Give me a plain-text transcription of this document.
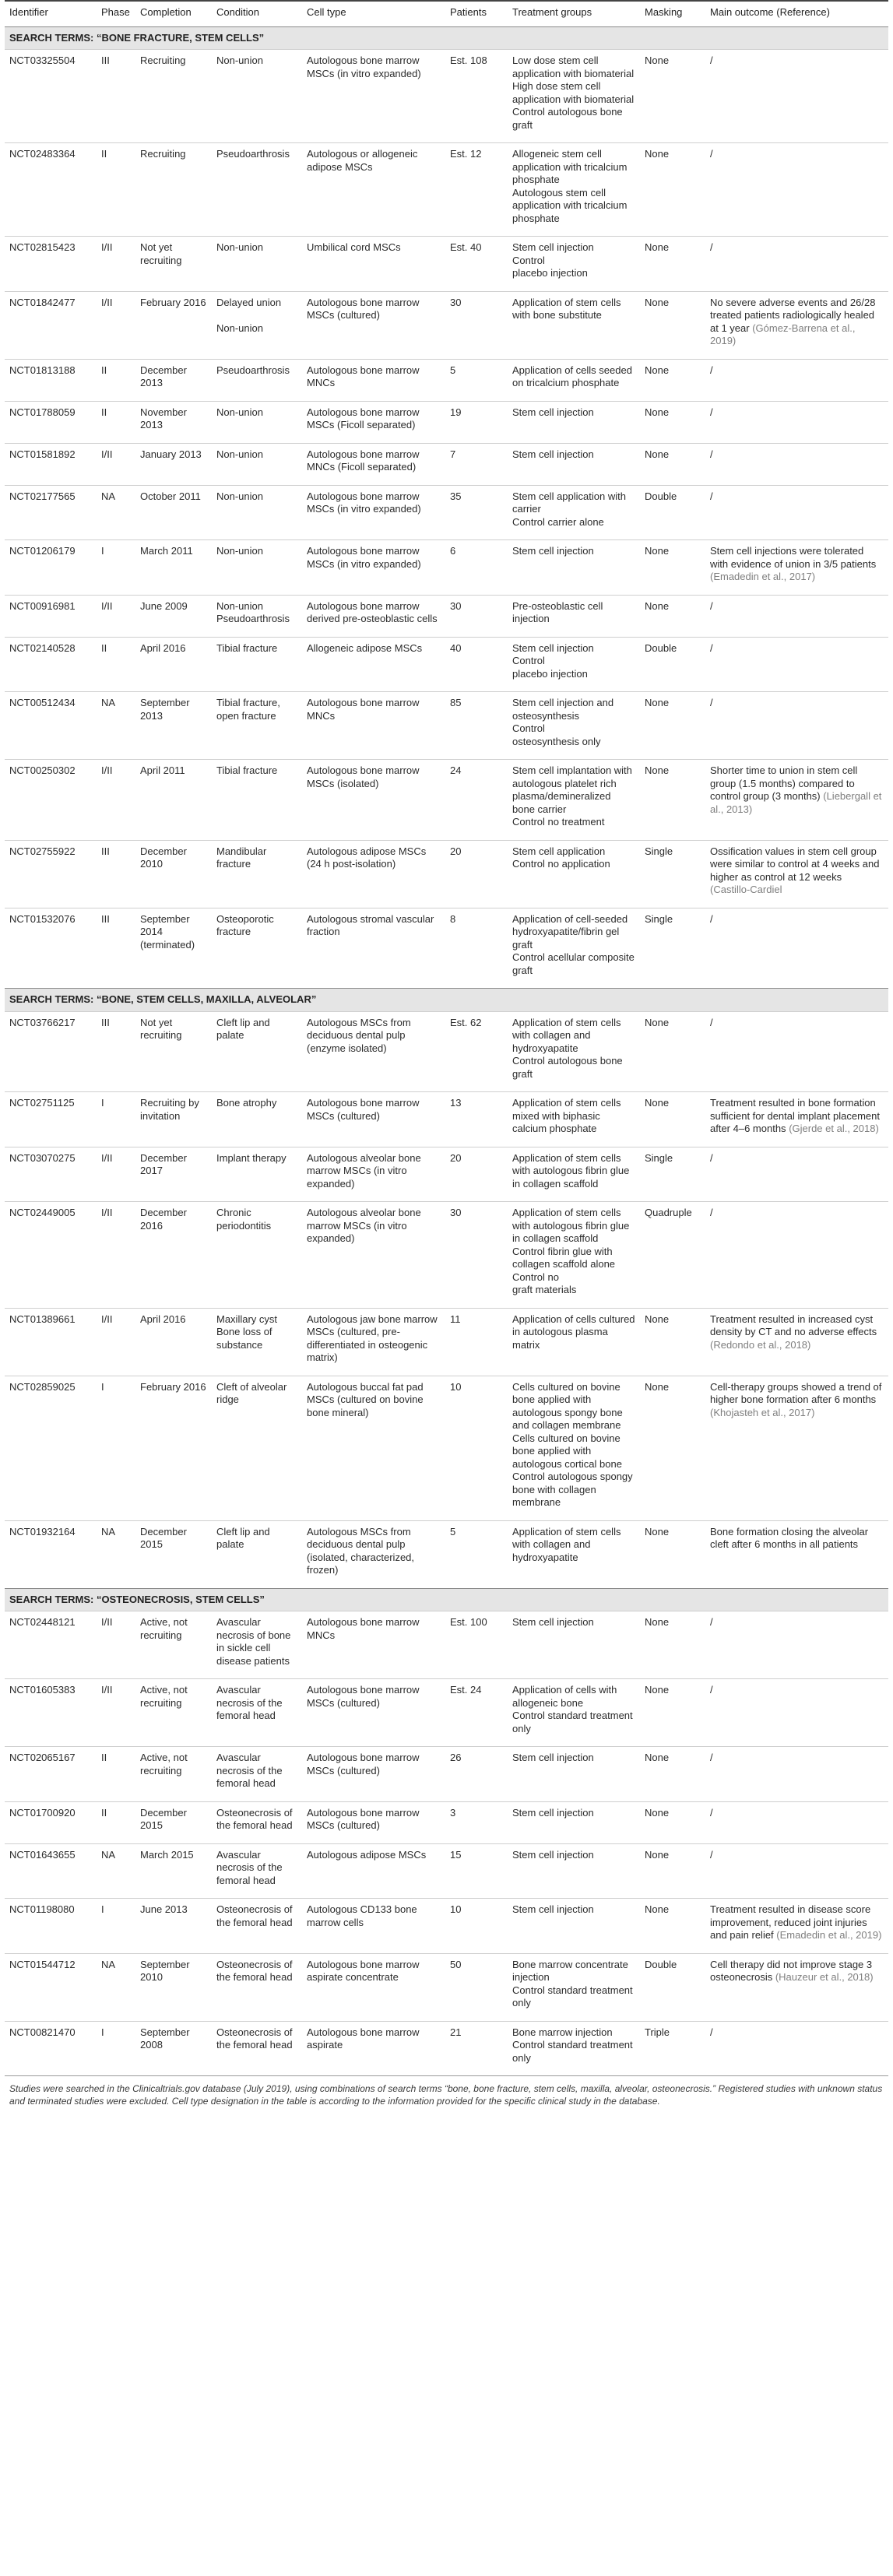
Identifier	Phase	Completion	Condition	Cell type	Patients	Treatment groups	Masking	Main outcome (Reference)
SEARCH TERMS: “BONE FRACTURE, STEM CELLS”								
NCT03325504	III	Recruiting	Non-union	Autologous bone marrow MSCs (in vitro expanded)	Est. 108	Low dose stem cell application with biomaterial
High dose stem cell application with biomaterial
Control autologous bone graft	None	/
NCT02483364	II	Recruiting	Pseudoarthrosis	Autologous or allogeneic adipose MSCs	Est. 12	Allogeneic stem cell application with tricalcium phosphate
Autologous stem cell application with tricalcium phosphate	None	/
NCT02815423	I/II	Not yet recruiting	Non-union	Umbilical cord MSCs	Est. 40	Stem cell injection
Control
placebo injection	None	/
NCT01842477	I/II	February 2016	Delayed union

Non-union	Autologous bone marrow MSCs (cultured)	30	Application of stem cells with bone substitute	None	No severe adverse events and 26/28 treated patients radiologically healed at 1 year (Gómez-Barrena et al., 2019)
NCT01813188	II	December 2013	Pseudoarthrosis	Autologous bone marrow MNCs	5	Application of cells seeded on tricalcium phosphate	None	/
NCT01788059	II	November 2013	Non-union	Autologous bone marrow MSCs (Ficoll separated)	19	Stem cell injection	None	/
NCT01581892	I/II	January 2013	Non-union	Autologous bone marrow MNCs (Ficoll separated)	7	Stem cell injection	None	/
NCT02177565	NA	October 2011	Non-union	Autologous bone marrow MSCs (in vitro expanded)	35	Stem cell application with carrier
Control carrier alone	Double	/
NCT01206179	I	March 2011	Non-union	Autologous bone marrow MSCs (in vitro expanded)	6	Stem cell injection	None	Stem cell injections were tolerated with evidence of union in 3/5 patients (Emadedin et al., 2017)
NCT00916981	I/II	June 2009	Non-union
Pseudoarthrosis	Autologous bone marrow derived pre-osteoblastic cells	30	Pre-osteoblastic cell injection	None	/
NCT02140528	II	April 2016	Tibial fracture	Allogeneic adipose MSCs	40	Stem cell injection
Control
placebo injection	Double	/
NCT00512434	NA	September 2013	Tibial fracture, open fracture	Autologous bone marrow MNCs	85	Stem cell injection and osteosynthesis
Control
osteosynthesis only	None	/
NCT00250302	I/II	April 2011	Tibial fracture	Autologous bone marrow MSCs (isolated)	24	Stem cell implantation with autologous platelet rich plasma/demineralized bone carrier
Control no treatment	None	Shorter time to union in stem cell group (1.5 months) compared to control group (3 months) (Liebergall et al., 2013)
NCT02755922	III	December 2010	Mandibular fracture	Autologous adipose MSCs (24 h post-isolation)	20	Stem cell application
Control no application	Single	Ossification values in stem cell group were similar to control at 4 weeks and higher as control at 12 weeks (Castillo-Cardiel
NCT01532076	III	September 2014 (terminated)	Osteoporotic fracture	Autologous stromal vascular fraction	8	Application of cell-seeded hydroxyapatite/fibrin gel graft
Control acellular composite graft	Single	/
SEARCH TERMS: “BONE, STEM CELLS, MAXILLA, ALVEOLAR”								
NCT03766217	III	Not yet recruiting	Cleft lip and palate	Autologous MSCs from deciduous dental pulp (enzyme isolated)	Est. 62	Application of stem cells with collagen and hydroxyapatite
Control autologous bone graft	None	/
NCT02751125	I	Recruiting by invitation	Bone atrophy	Autologous bone marrow MSCs (cultured)	13	Application of stem cells mixed with biphasic calcium phosphate	None	Treatment resulted in bone formation sufficient for dental implant placement after 4–6 months (Gjerde et al., 2018)
NCT03070275	I/II	December 2017	Implant therapy	Autologous alveolar bone marrow MSCs (in vitro expanded)	20	Application of stem cells with autologous fibrin glue in collagen scaffold	Single	/
NCT02449005	I/II	December 2016	Chronic periodontitis	Autologous alveolar bone marrow MSCs (in vitro expanded)	30	Application of stem cells with autologous fibrin glue in collagen scaffold
Control fibrin glue with collagen scaffold alone
Control no
graft materials	Quadruple	/
NCT01389661	I/II	April 2016	Maxillary cyst
Bone loss of substance	Autologous jaw bone marrow MSCs (cultured, pre-differentiated in osteogenic matrix)	11	Application of cells cultured in autologous plasma matrix	None	Treatment resulted in increased cyst density by CT and no adverse effects (Redondo et al., 2018)
NCT02859025	I	February 2016	Cleft of alveolar ridge	Autologous buccal fat pad MSCs (cultured on bovine bone mineral)	10	Cells cultured on bovine bone applied with autologous spongy bone and collagen membrane
Cells cultured on bovine bone applied with autologous cortical bone
Control autologous spongy bone with collagen membrane	None	Cell-therapy groups showed a trend of higher bone formation after 6 months (Khojasteh et al., 2017)
NCT01932164	NA	December 2015	Cleft lip and palate	Autologous MSCs from deciduous dental pulp (isolated, characterized, frozen)	5	Application of stem cells with collagen and hydroxyapatite	None	Bone formation closing the alveolar cleft after 6 months in all patients
SEARCH TERMS: “OSTEONECROSIS, STEM CELLS”								
NCT02448121	I/II	Active, not recruiting	Avascular necrosis of bone in sickle cell disease patients	Autologous bone marrow MNCs	Est. 100	Stem cell injection	None	/
NCT01605383	I/II	Active, not recruiting	Avascular necrosis of the femoral head	Autologous bone marrow MSCs (cultured)	Est. 24	Application of cells with allogeneic bone
Control standard treatment only	None	/
NCT02065167	II	Active, not recruiting	Avascular necrosis of the femoral head	Autologous bone marrow MSCs (cultured)	26	Stem cell injection	None	/
NCT01700920	II	December 2015	Osteonecrosis of the femoral head	Autologous bone marrow MSCs (cultured)	3	Stem cell injection	None	/
NCT01643655	NA	March 2015	Avascular necrosis of the femoral head	Autologous adipose MSCs	15	Stem cell injection	None	/
NCT01198080	I	June 2013	Osteonecrosis of the femoral head	Autologous CD133 bone marrow cells	10	Stem cell injection	None	Treatment resulted in disease score improvement, reduced joint injuries and pain relief (Emadedin et al., 2019)
NCT01544712	NA	September 2010	Osteonecrosis of the femoral head	Autologous bone marrow aspirate concentrate	50	Bone marrow concentrate injection
Control standard treatment only	Double	Cell therapy did not improve stage 3 osteonecrosis (Hauzeur et al., 2018)
NCT00821470	I	September 2008	Osteonecrosis of the femoral head	Autologous bone marrow aspirate	21	Bone marrow injection
Control standard treatment only	Triple	/
Studies were searched in the Clinicaltrials.gov database (July 2019), using combinations of search terms “bone, bone fracture, stem cells, maxilla, alveolar, osteonecrosis.” Registered studies with unknown status and terminated studies were excluded. Cell type designation in the table is according to the information provided for the specific clinical study in the database.
